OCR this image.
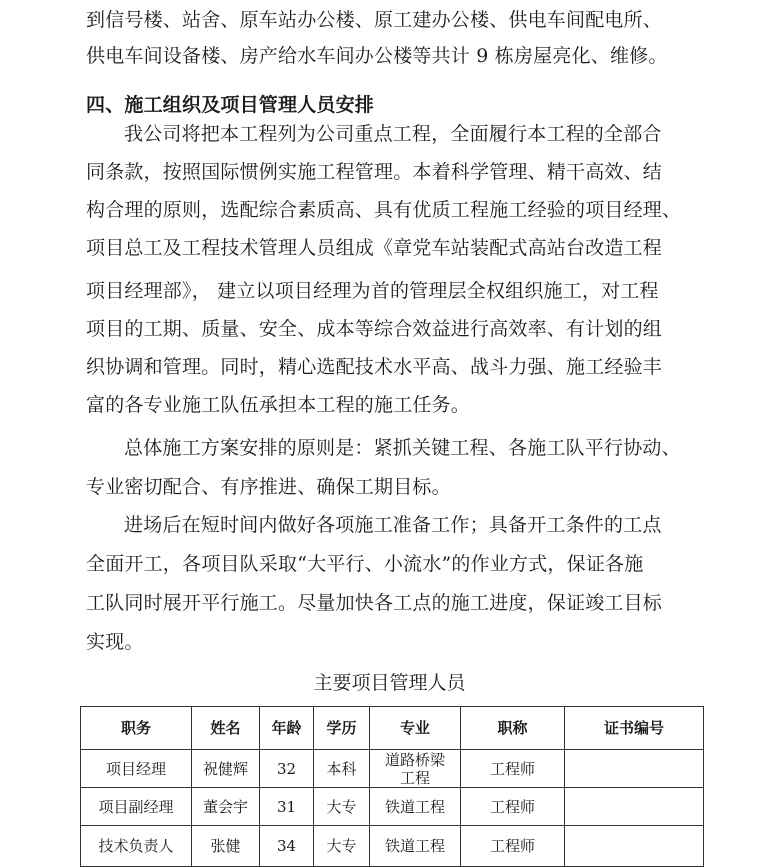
到信号楼、站舍、原车站办公楼、原工建办公楼、供电车间配电所、
供电车间设备楼、房产给水车间办公楼等共计 9 栋房屋亮化、维修。
四、施工组织及项目管理人员安排
我公司将把本工程列为公司重点工程，全面履行本工程的全部合
同条款，按照国际惯例实施工程管理。本着科学管理、精干高效、结
构合理的原则，选配综合素质高、具有优质工程施工经验的项目经理、
项目总工及工程技术管理人员组成《章党车站装配式高站台改造工程
项目经理部》， 建立以项目经理为首的管理层全权组织施工，对工程
项目的工期、质量、安全、成本等综合效益进行高效率、有计划的组
织协调和管理。同时，精心选配技术水平高、战斗力强、施工经验丰
富的各专业施工队伍承担本工程的施工任务。
总体施工方案安排的原则是：紧抓关键工程、各施工队平行协动、
专业密切配合、有序推进、确保工期目标。
进场后在短时间内做好各项施工准备工作；具备开工条件的工点
全面开工，各项目队采取“大平行、小流水”的作业方式，保证各施
工队同时展开平行施工。尽量加快各工点的施工进度，保证竣工目标
实现。
主要项目管理人员
职务	姓名	年龄	学历	专业	职称	证书编号
项目经理	祝健辉	32	本科	道路桥梁工程	工程师	
项目副经理	董会宇	31	大专	铁道工程	工程师	
技术负责人	张健	34	大专	铁道工程	工程师	
